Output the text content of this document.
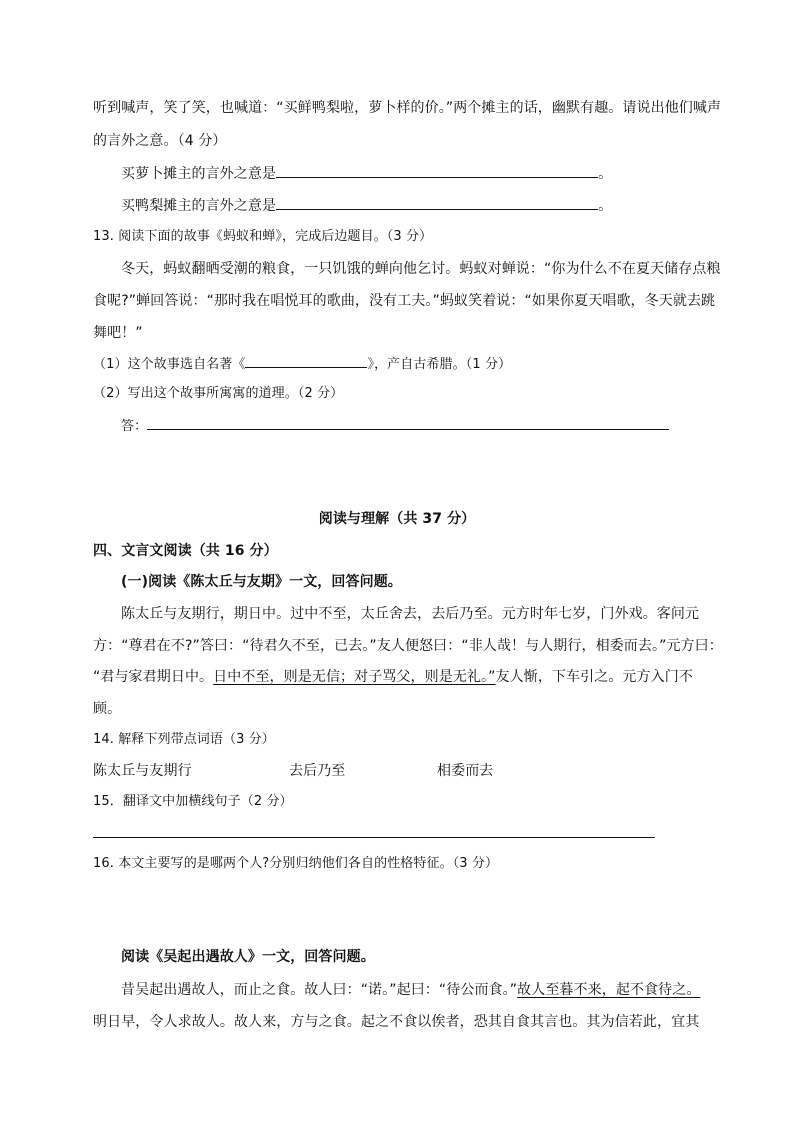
听到喊声，笑了笑，也喊道：“买鲜鸭梨啦，萝卜样的价。”两个摊主的话，幽默有趣。请说出他们喊声
的言外之意。（4 分）
买萝卜摊主的言外之意是	。
买鸭梨摊主的言外之意是	。
13. 阅读下面的故事《蚂蚁和蝉》，完成后边题目。（3 分）
冬天，蚂蚁翻晒受潮的粮食，一只饥饿的蝉向他乞讨。蚂蚁对蝉说：“你为什么不在夏天储存点粮
食呢?”蝉回答说：“那时我在唱悦耳的歌曲，没有工夫。”蚂蚁笑着说：“如果你夏天唱歌，冬天就去跳
舞吧！”
（1）这个故事选自名著《	》，产自古希腊。（1 分）
（2）写出这个故事所寓寓的道理。（2 分）
答：
阅读与理解（共 37 分）
四、文言文阅读（共 16 分）
(一)阅读《陈太丘与友期》一文，回答问题。
陈太丘与友期行，期日中。过中不至，太丘舍去，去后乃至。元方时年七岁，门外戏。客问元
方：“尊君在不?”答曰：“待君久不至，已去。”友人便怒曰：“非人哉！与人期行，相委而去。”元方曰：
“君与家君期日中。日中不至，则是无信；对子骂父，则是无礼。”友人惭，下车引之。元方入门不
顾。
14. 解释下列带点词语（3 分）
陈太丘与友期行	去后乃至	相委而去
15．翻译文中加横线句子（2 分）
16. 本文主要写的是哪两个人?分别归纳他们各自的性格特征。（3 分）
阅读《吴起出遇故人》一文，回答问题。
昔吴起出遇故人，而止之食。故人曰：“诺。”起曰：“待公而食。”故人至暮不来，起不食待之。
明日早，令人求故人。故人来，方与之食。起之不食以俟者，恐其自食其言也。其为信若此，宜其
